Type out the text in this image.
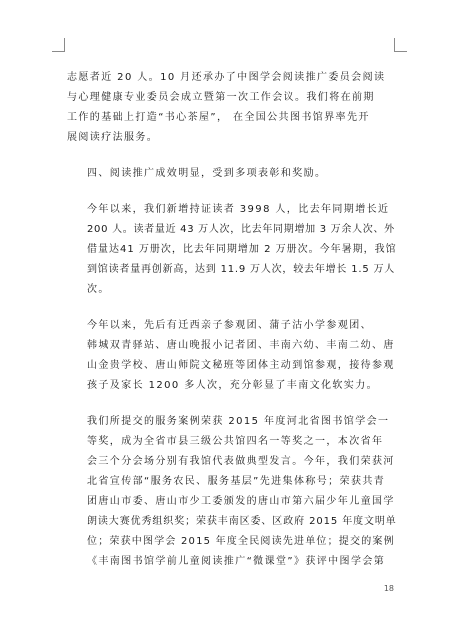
志愿者近 20 人。10 月还承办了中图学会阅读推广委员会阅读
与心理健康专业委员会成立暨第一次工作会议。我们将在前期
工作的基础上打造“书心茶屋”， 在全国公共图书馆界率先开
展阅读疗法服务。

四、阅读推广成效明显，受到多项表彰和奖励。

今年以来，我们新增持证读者 3998 人，比去年同期增长近
200 人。读者量近 43 万人次，比去年同期增加 3 万余人次、外
借量达41 万册次，比去年同期增加 2 万册次。今年暑期，我馆
到馆读者量再创新高，达到 11.9 万人次，较去年增长 1.5 万人
次。

今年以来，先后有迁西亲子参观团、蒲子沽小学参观团、
韩城双青驿站、唐山晚报小记者团、丰南六幼、丰南二幼、唐
山金贵学校、唐山师院文秘班等团体主动到馆参观，接待参观
孩子及家长 1200 多人次，充分彰显了丰南文化软实力。

我们所提交的服务案例荣获 2015 年度河北省图书馆学会一
等奖，成为全省市县三级公共馆四名一等奖之一，本次省年
会三个分会场分别有我馆代表做典型发言。今年，我们荣获河
北省宣传部“服务农民、服务基层”先进集体称号；荣获共青
团唐山市委、唐山市少工委颁发的唐山市第六届少年儿童国学
朗读大赛优秀组织奖；荣获丰南区委、区政府 2015 年度文明单
位；荣获中图学会 2015 年度全民阅读先进单位；提交的案例
《丰南图书馆学前儿童阅读推广“微课堂”》获评中图学会第

18
